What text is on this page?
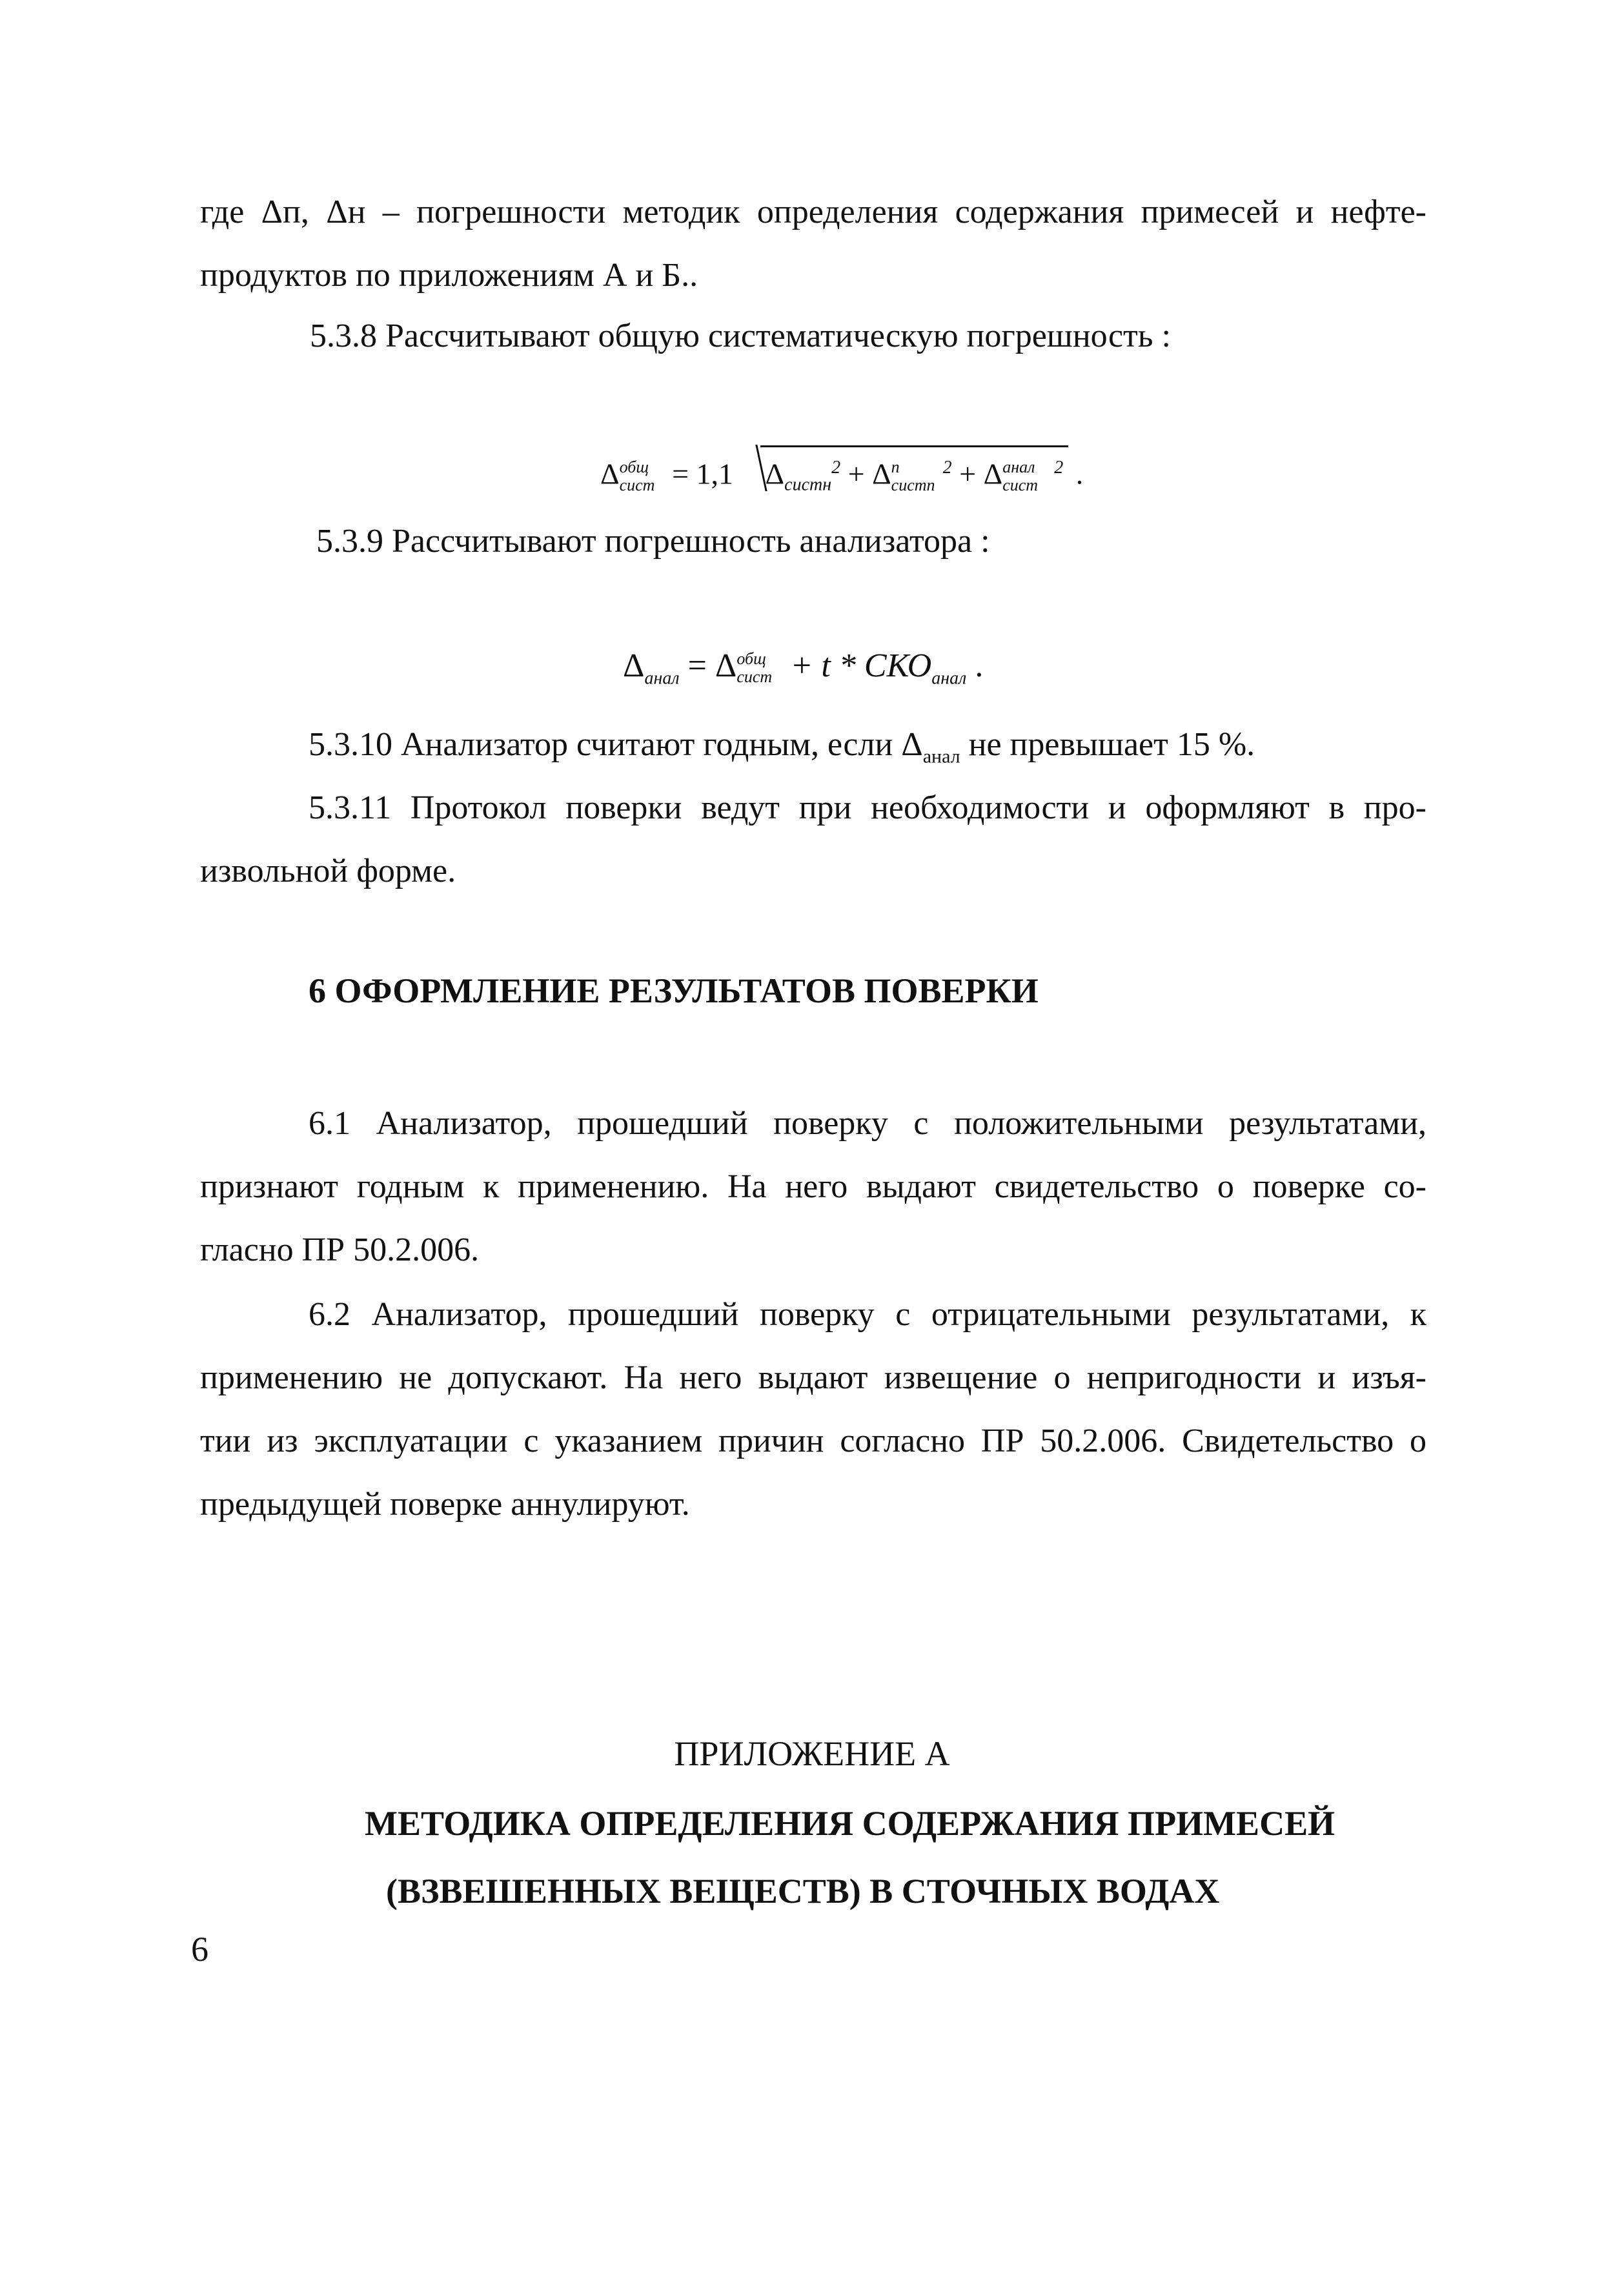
где Δп, Δн – погрешности методик определения содержания примесей и нефте-
продуктов по приложениям А и Б..

5.3.8 Рассчитывают общую систематическую погрешность :

Δ общ
сист = 1,1 $\Delta_{систн}^2 + \Delta$ п
систп
$^2$ + Δ анал
сист
$^2$ .

5.3.9 Рассчитывают погрешность анализатора :

$\Delta_{анал} = \Delta$ общ
сист + t * $СКО_{анал}$ .

5.3.10 Анализатор считают годным, если $\Delta_{анал}$ не превышает 15 %.

5.3.11 Протокол поверки ведут при необходимости и оформляют в про-
извольной форме.

6 ОФОРМЛЕНИЕ РЕЗУЛЬТАТОВ ПОВЕРКИ

6.1 Анализатор, прошедший поверку с положительными результатами,
признают годным к применению. На него выдают свидетельство о поверке со-
гласно ПР 50.2.006.
6.2 Анализатор, прошедший поверку с отрицательными результатами, к
применению не допускают. На него выдают извещение о непригодности и изъя-
тии из эксплуатации с указанием причин согласно ПР 50.2.006. Свидетельство о
предыдущей поверке аннулируют.

ПРИЛОЖЕНИЕ А

МЕТОДИКА ОПРЕДЕЛЕНИЯ СОДЕРЖАНИЯ ПРИМЕСЕЙ

(ВЗВЕШЕННЫХ ВЕЩЕСТВ) В СТОЧНЫХ ВОДАХ

6
